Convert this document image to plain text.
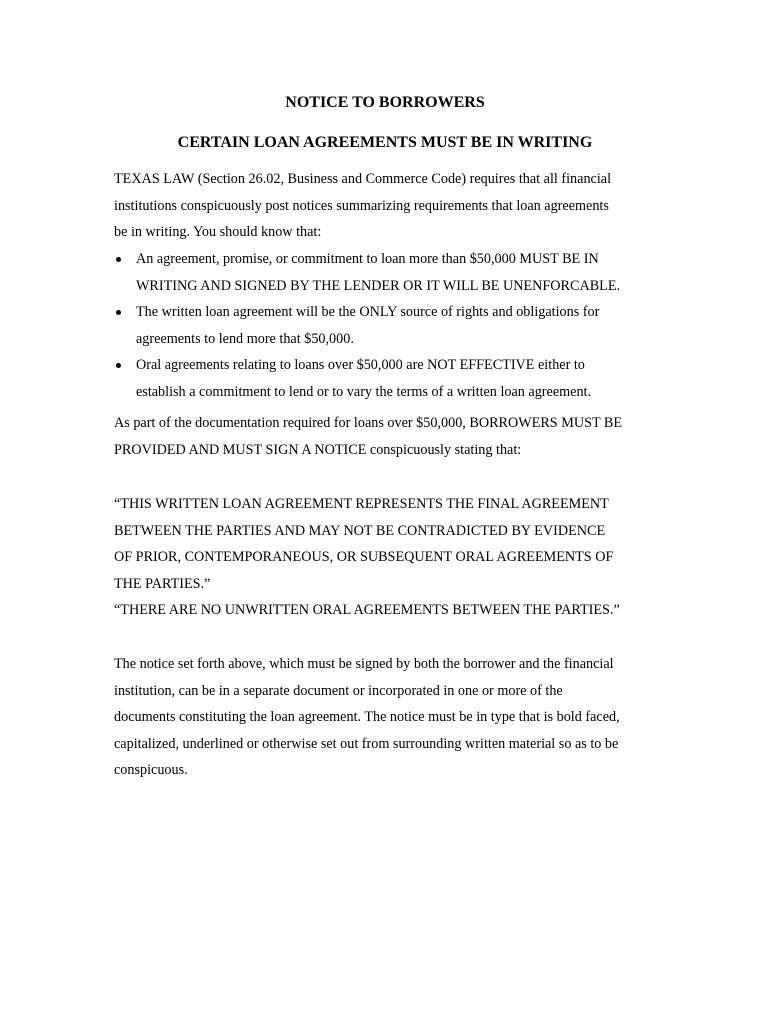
NOTICE TO BORROWERS
CERTAIN LOAN AGREEMENTS MUST BE IN WRITING

TEXAS LAW (Section 26.02, Business and Commerce Code) requires that all financial
institutions conspicuously post notices summarizing requirements that loan agreements
be in writing. You should know that:

An agreement, promise, or commitment to loan more than $50,000 MUST BE IN
WRITING AND SIGNED BY THE LENDER OR IT WILL BE UNENFORCABLE.
The written loan agreement will be the ONLY source of rights and obligations for
agreements to lend more that $50,000.
Oral agreements relating to loans over $50,000 are NOT EFFECTIVE either to
establish a commitment to lend or to vary the terms of a written loan agreement.

As part of the documentation required for loans over $50,000, BORROWERS MUST BE
PROVIDED AND MUST SIGN A NOTICE conspicuously stating that:

“THIS WRITTEN LOAN AGREEMENT REPRESENTS THE FINAL AGREEMENT
BETWEEN THE PARTIES AND MAY NOT BE CONTRADICTED BY EVIDENCE
OF PRIOR, CONTEMPORANEOUS, OR SUBSEQUENT ORAL AGREEMENTS OF
THE PARTIES.”

“THERE ARE NO UNWRITTEN ORAL AGREEMENTS BETWEEN THE PARTIES.”

The notice set forth above, which must be signed by both the borrower and the financial
institution, can be in a separate document or incorporated in one or more of the
documents constituting the loan agreement. The notice must be in type that is bold faced,
capitalized, underlined or otherwise set out from surrounding written material so as to be
conspicuous.
